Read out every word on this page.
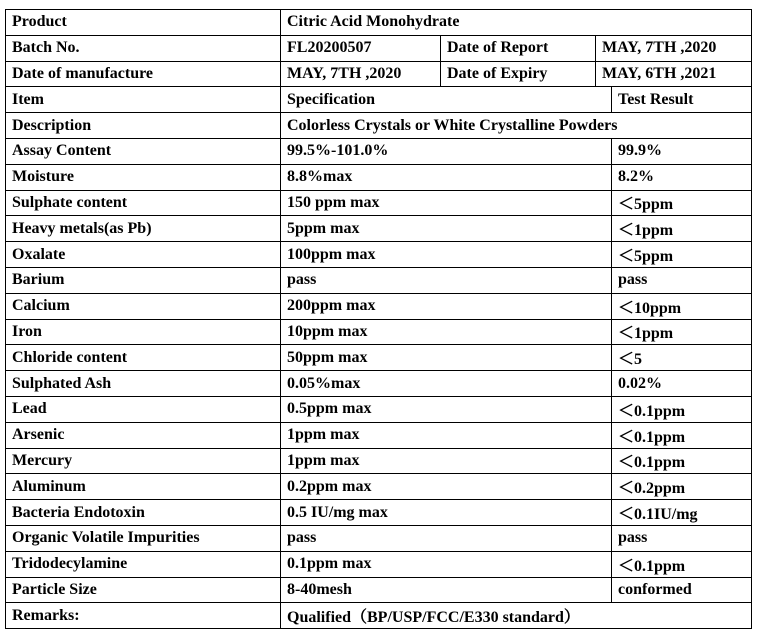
Product	Citric Acid Monohydrate
Batch No.	FL20200507	Date of Report	MAY, 7TH ,2020
Date of manufacture	MAY, 7TH ,2020	Date of Expiry	MAY, 6TH ,2021
Item	Specification	Test Result
Description	Colorless Crystals or White Crystalline Powders
Assay Content	99.5%-101.0%	99.9%
Moisture	8.8%max	8.2%
Sulphate content	150 ppm max	＜5ppm
Heavy metals(as Pb)	5ppm max	＜1ppm
Oxalate	100ppm max	＜5ppm
Barium	pass	pass
Calcium	200ppm max	＜10ppm
Iron	10ppm max	＜1ppm
Chloride content	50ppm max	＜5
Sulphated Ash	0.05%max	0.02%
Lead	0.5ppm max	＜0.1ppm
Arsenic	1ppm max	＜0.1ppm
Mercury	1ppm max	＜0.1ppm
Aluminum	0.2ppm max	＜0.2ppm
Bacteria Endotoxin	0.5 IU/mg max	＜0.1IU/mg
Organic Volatile Impurities	pass	pass
Tridodecylamine	0.1ppm max	＜0.1ppm
Particle Size	8-40mesh	conformed
Remarks:	Qualified（BP/USP/FCC/E330 standard）
